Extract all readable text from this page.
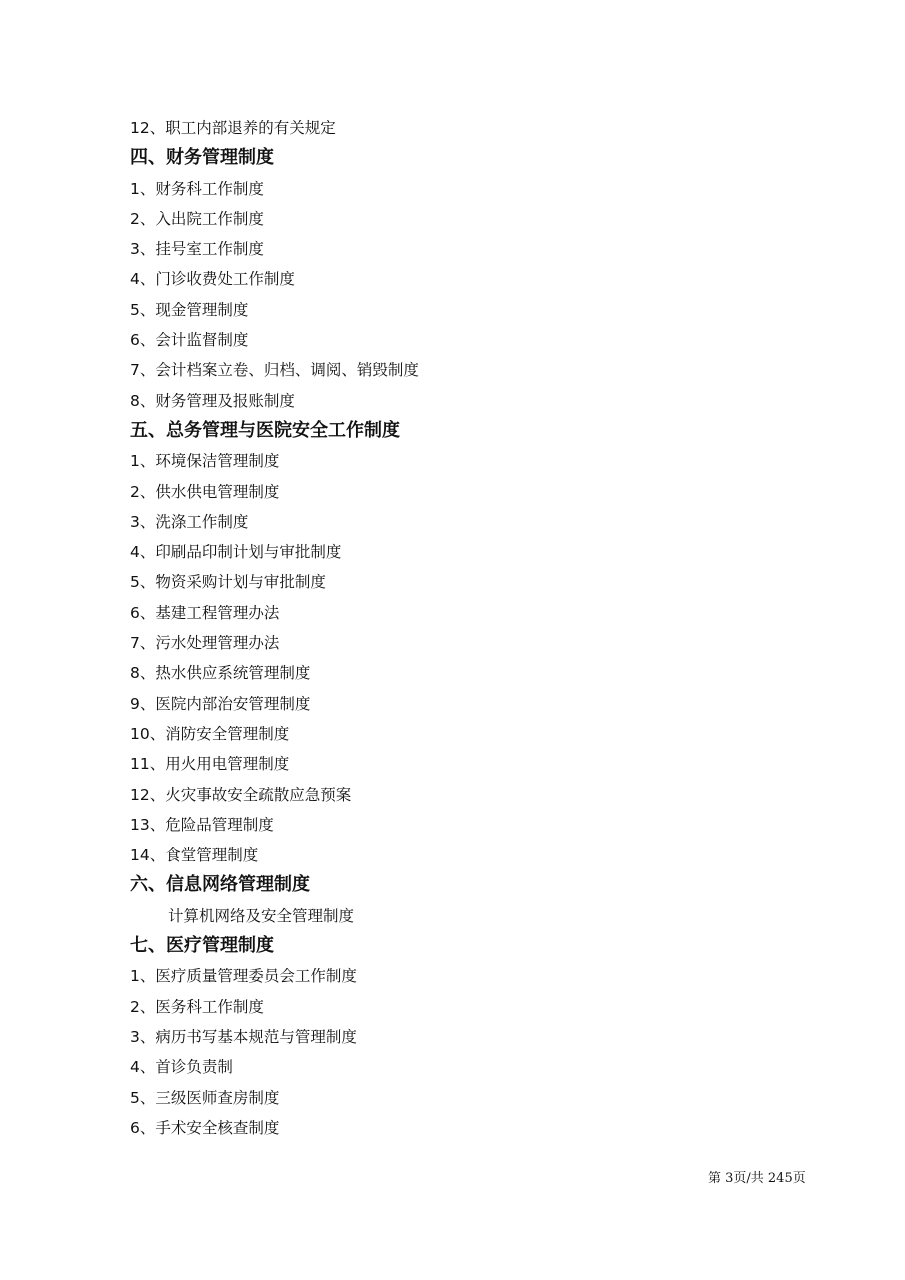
12、职工内部退养的有关规定
四、财务管理制度
1、财务科工作制度
2、入出院工作制度
3、挂号室工作制度
4、门诊收费处工作制度
5、现金管理制度
6、会计监督制度
7、会计档案立卷、归档、调阅、销毁制度
8、财务管理及报账制度
五、总务管理与医院安全工作制度
1、环境保洁管理制度
2、供水供电管理制度
3、洗涤工作制度
4、印刷品印制计划与审批制度
5、物资采购计划与审批制度
6、基建工程管理办法
7、污水处理管理办法
8、热水供应系统管理制度
9、医院内部治安管理制度
10、消防安全管理制度
11、用火用电管理制度
12、火灾事故安全疏散应急预案
13、危险品管理制度
14、食堂管理制度
六、信息网络管理制度
计算机网络及安全管理制度
七、医疗管理制度
1、医疗质量管理委员会工作制度
2、医务科工作制度
3、病历书写基本规范与管理制度
4、首诊负责制
5、三级医师查房制度
6、手术安全核查制度
第 3页/共 245页
